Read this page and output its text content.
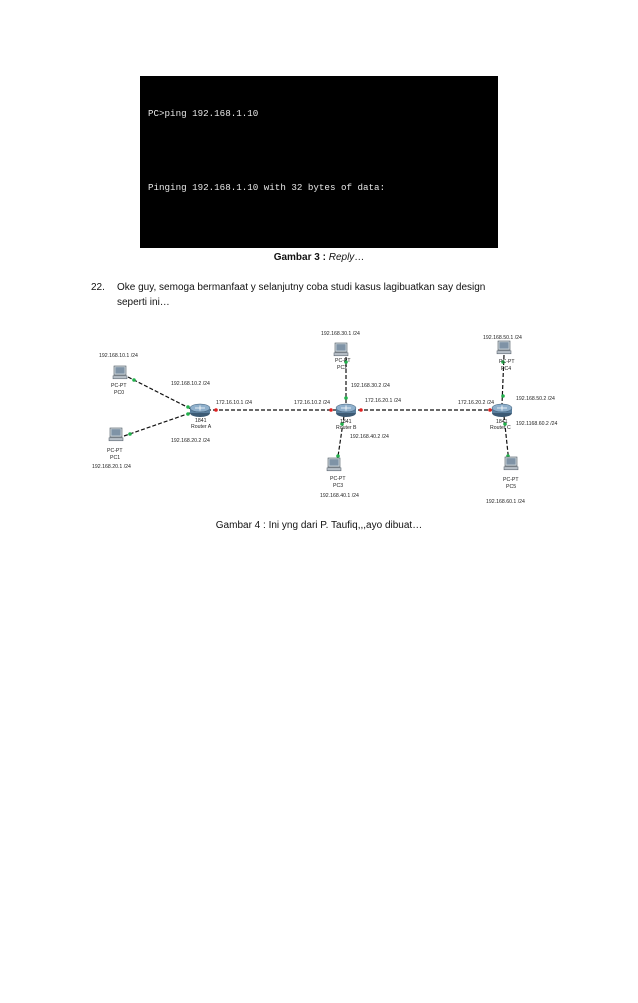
PC>ping 192.168.1.10

Pinging 192.168.1.10 with 32 bytes of data:

Gambar 3 : Reply…
22. Oke guy, semoga bermanfaat y selanjutny coba studi kasus lagibuatkan say design
seperti ini…
192.168.10.1 /24
PC-PT
PC0
PC-PT
PC1
192.168.20.1 /24
192.168.10.2 /24
172.16.10.1 /24
1841
Router A
192.168.20.2 /24
192.168.30.1 /24
PC-PT
PC2
192.168.30.2 /24
172.16.10.2 /24	172.16.20.1 /24
1841
Router B
192.168.40.2 /24
PC-PT
PC3
192.168.40.1 /24
192.168.50.1 /24
PC-PT
PC4
172.16.20.2 /24
192.168.50.2 /24
1841
Router C
192.1168.60.2 /24
PC-PT
PC5
192.168.60.1 /24
Gambar 4 : Ini yng dari P. Taufiq,,,ayo dibuat…
